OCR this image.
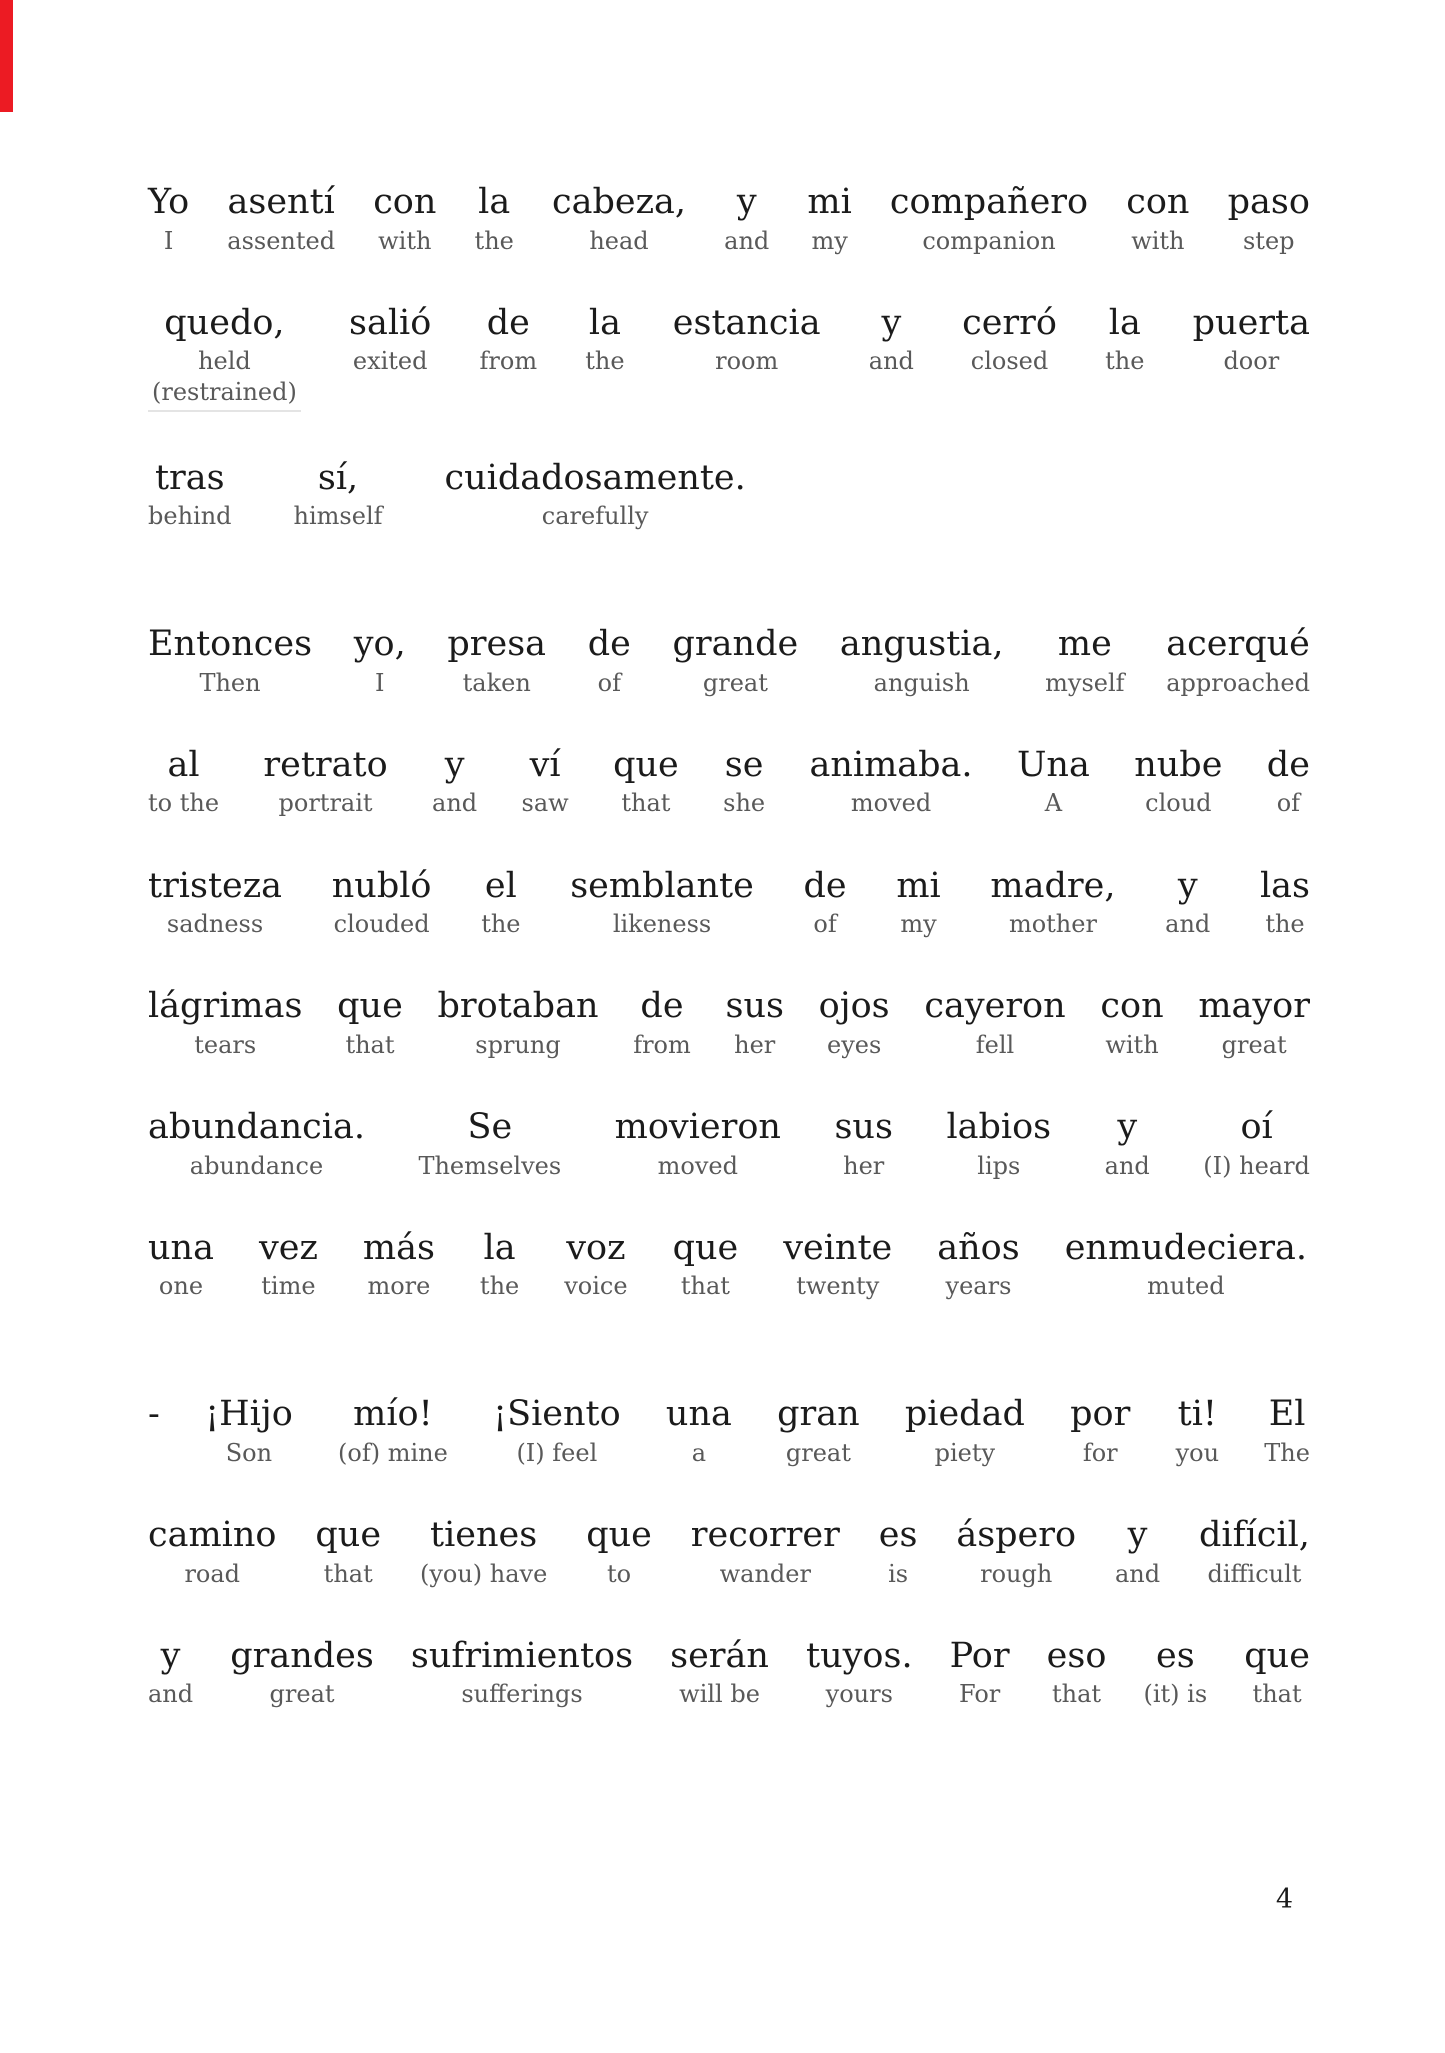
Yo
I
asentí
assented
con
with
la
the
cabeza,
head
y
and
mi
my
compañero
companion
con
with
paso
step
quedo,
held
(restrained)
salió
exited
de
from
la
the
estancia
room
y
and
cerró
closed
la
the
puerta
door
tras
behind
sí,
himself
cuidadosamente.
carefully
Entonces
Then
yo,
I
presa
taken
de
of
grande
great
angustia,
anguish
me
myself
acerqué
approached
al
to the
retrato
portrait
y
and
ví
saw
que
that
se
she
animaba.
moved
Una
A
nube
cloud
de
of
tristeza
sadness
nubló
clouded
el
the
semblante
likeness
de
of
mi
my
madre,
mother
y
and
las
the
lágrimas
tears
que
that
brotaban
sprung
de
from
sus
her
ojos
eyes
cayeron
fell
con
with
mayor
great
abundancia.
abundance
Se
Themselves
movieron
moved
sus
her
labios
lips
y
and
oí
(I) heard
una
one
vez
time
más
more
la
the
voz
voice
que
that
veinte
twenty
años
years
enmudeciera.
muted
- ¡Hijo
Son
mío!
(of) mine
¡Siento
(I) feel
una
a
gran
great
piedad
piety
por
for
ti!
you
El
The
camino
road
que
that
tienes
(you) have
que
to
recorrer
wander
es
is
áspero
rough
y
and
difícil,
difficult
y
and
grandes
great
sufrimientos
sufferings
serán
will be
tuyos.
yours
Por
For
eso
that
es
(it) is
que
that
4
